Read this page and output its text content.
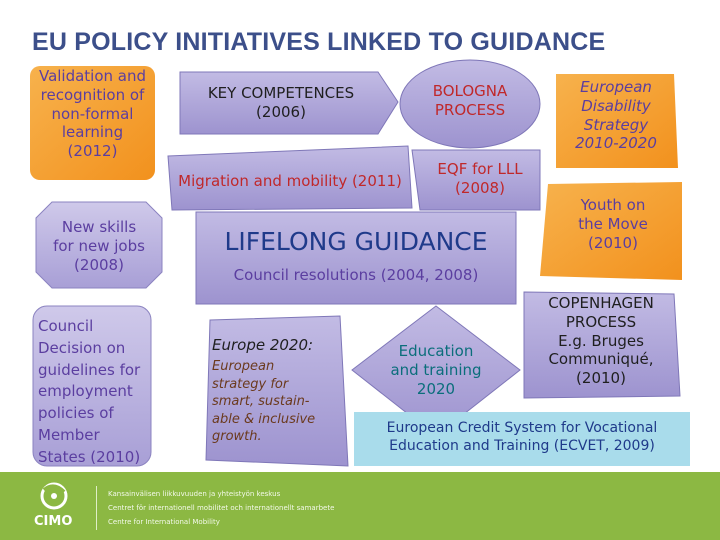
EU POLICY INITIATIVES LINKED TO GUIDANCE
Validation and
recognition of
non-formal
learning
(2012)
New skills
for new jobs
(2008)
Council
Decision on
guidelines for
employment
policies of
Member
States (2010)
KEY COMPETENCES
(2006)
Migration and mobility (2011)
BOLOGNA
PROCESS
EQF for LLL
(2008)
European
Disability
Strategy
2010-2020
Youth on
the Move
(2010)
LIFELONG GUIDANCE
Council resolutions (2004, 2008)
Europe 2020:
European
strategy for
smart, sustain-
able & inclusive
growth.
Education
and training
2020
COPENHAGEN
PROCESS
E.g. Bruges
Communiqué,
(2010)
European Credit System for Vocational
Education and Training (ECVET, 2009)
CIMO
Kansainvälisen liikkuvuuden ja yhteistyön keskus
Centret för internationell mobilitet och internationellt samarbete
Centre for International Mobility
